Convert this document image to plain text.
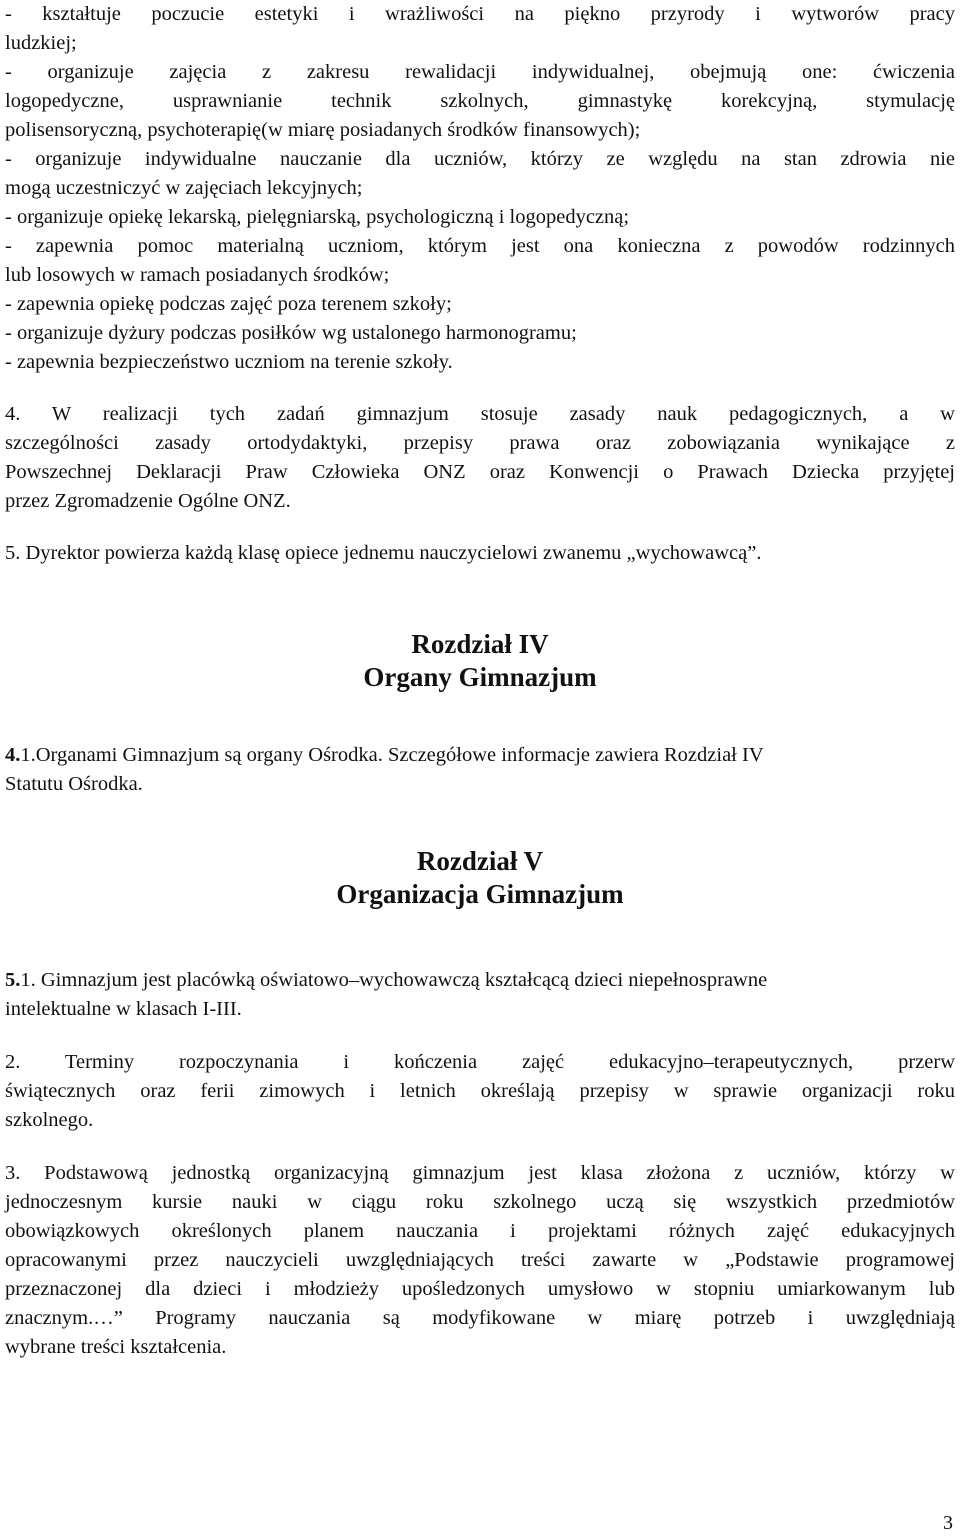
- kształtuje poczucie estetyki i wrażliwości na piękno przyrody i wytworów pracy

ludzkiej;

- organizuje zajęcia z zakresu rewalidacji indywidualnej, obejmują one: ćwiczenia

logopedyczne, usprawnianie technik szkolnych, gimnastykę korekcyjną, stymulację

polisensoryczną, psychoterapię(w miarę posiadanych środków finansowych);

- organizuje indywidualne nauczanie dla uczniów, którzy ze względu na stan zdrowia nie

mogą uczestniczyć w zajęciach lekcyjnych;

- organizuje opiekę lekarską, pielęgniarską, psychologiczną i logopedyczną;

- zapewnia pomoc materialną uczniom, którym jest ona konieczna z powodów rodzinnych

lub losowych w ramach posiadanych środków;

- zapewnia opiekę podczas zajęć poza terenem szkoły;

- organizuje dyżury podczas posiłków wg ustalonego harmonogramu;

- zapewnia bezpieczeństwo uczniom na terenie szkoły.

4. W realizacji tych zadań gimnazjum stosuje zasady nauk pedagogicznych, a w

szczególności zasady ortodydaktyki, przepisy prawa oraz zobowiązania wynikające z

Powszechnej Deklaracji Praw Człowieka ONZ oraz Konwencji o Prawach Dziecka przyjętej

przez Zgromadzenie Ogólne ONZ.

5. Dyrektor powierza każdą klasę opiece jednemu nauczycielowi zwanemu „wychowawcą”.

Rozdział IV

Organy Gimnazjum

4.1.Organami Gimnazjum są organy Ośrodka. Szczegółowe informacje zawiera Rozdział IV

Statutu Ośrodka.

Rozdział V

Organizacja Gimnazjum

5.1. Gimnazjum jest placówką oświatowo–wychowawczą kształcącą dzieci niepełnosprawne

intelektualne w klasach I-III.

2. Terminy rozpoczynania i kończenia zajęć edukacyjno–terapeutycznych, przerw

świątecznych oraz ferii zimowych i letnich określają przepisy w sprawie organizacji roku

szkolnego.

3. Podstawową jednostką organizacyjną gimnazjum jest klasa złożona z uczniów, którzy w

jednoczesnym kursie nauki w ciągu roku szkolnego uczą się wszystkich przedmiotów

obowiązkowych określonych planem nauczania i projektami różnych zajęć edukacyjnych

opracowanymi przez nauczycieli uwzględniających treści zawarte w „Podstawie programowej

przeznaczonej dla dzieci i młodzieży upośledzonych umysłowo w stopniu umiarkowanym lub

znacznym.…” Programy nauczania są modyfikowane w miarę potrzeb i uwzględniają

wybrane treści kształcenia.

3
